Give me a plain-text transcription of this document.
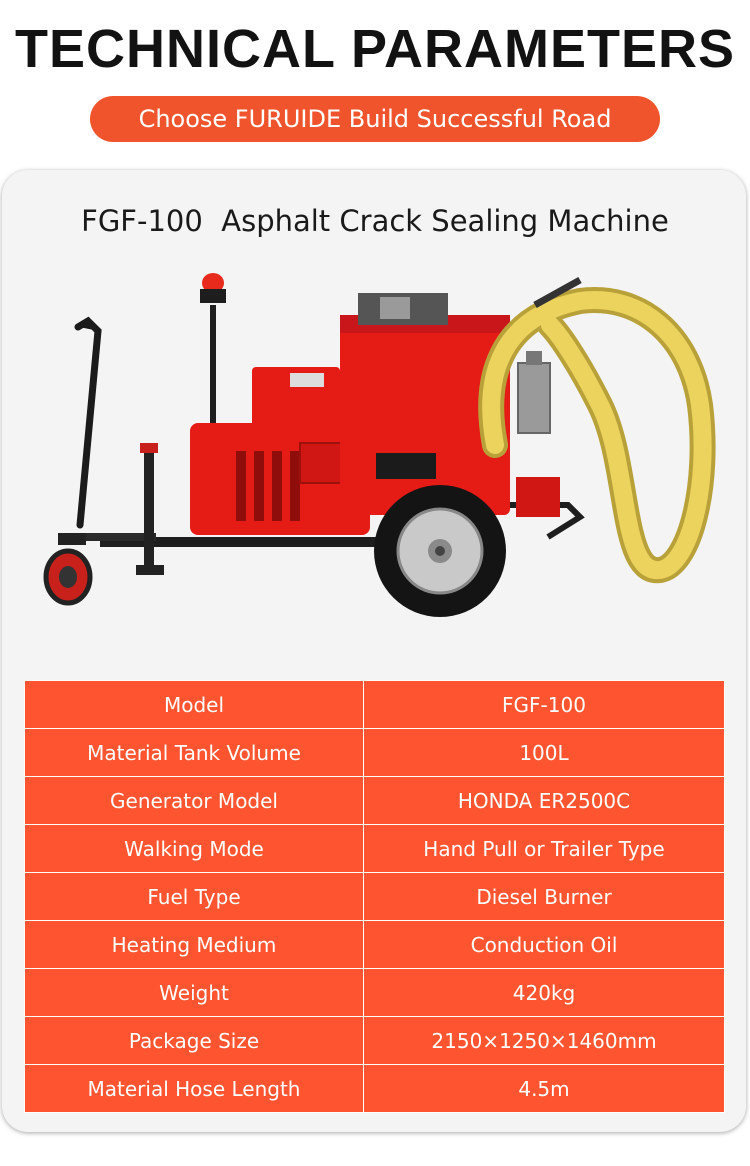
TECHNICAL PARAMETERS
Choose FURUIDE Build Successful Road
FGF-100  Asphalt Crack Sealing Machine
Model	FGF-100
Material Tank Volume	100L
Generator Model	HONDA ER2500C
Walking Mode	Hand Pull or Trailer Type
Fuel Type	Diesel Burner
Heating Medium	Conduction Oil
Weight	420kg
Package Size	2150×1250×1460mm
Material Hose Length	4.5m
